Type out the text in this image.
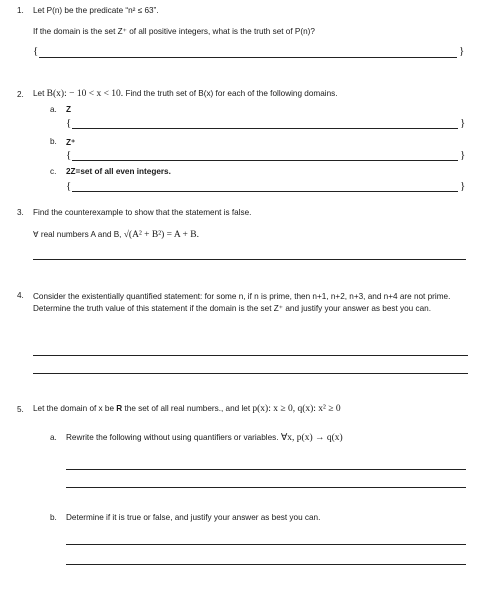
1. Let P(n) be the predicate “n² ≤ 63”.
If the domain is the set Z⁺ of all positive integers, what is the truth set of P(n)?
{	}
2. Let B(x): − 10 < x < 10. Find the truth set of B(x) for each of the following domains.
a. Z
{	}
b. Z⁺
{	}
c. 2Z=set of all even integers.
{	}
3. Find the counterexample to show that the statement is false.
∀ real numbers A and B, √(A² + B²) = A + B.
4. Consider the existentially quantified statement: for some n, if n is prime, then n+1, n+2, n+3, and n+4 are not prime. Determine the truth value of this statement if the domain is the set Z⁺ and justify your answer as best you can.
5. Let the domain of x be R the set of all real numbers., and let p(x): x ≥ 0, q(x): x² ≥ 0
a. Rewrite the following without using quantifiers or variables. ∀x, p(x) → q(x)
b. Determine if it is true or false, and justify your answer as best you can.
